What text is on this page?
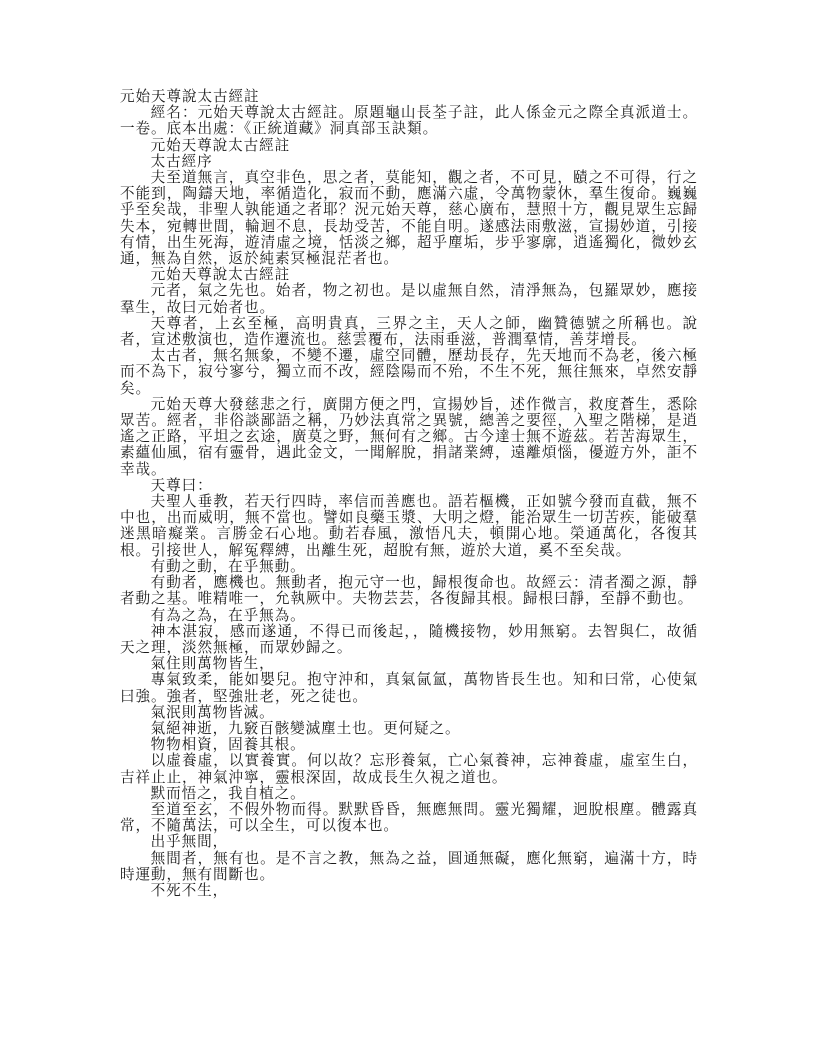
元始天尊說太古經註

經名：元始天尊說太古經註。原題龜山長荃子註，此人係金元之際全真派道士。一卷。底本出處：《正統道藏》洞真部玉訣類。

元始天尊說太古經註

太古經序

夫至道無言，真空非色，思之者，莫能知，觀之者，不可見，賾之不可得，行之不能到，陶鑄天地，率循造化，寂而不動，應滿六虛，令萬物蒙休，羣生復命。巍巍乎至矣哉，非聖人孰能通之者耶？況元始天尊，慈心廣布，慧照十方，觀見眾生忘歸失本，宛轉世間，輪迴不息，長劫受苦，不能自明。遂感法雨敷滋，宣揚妙道，引接有情，出生死海，遊清虛之境，恬淡之鄉，超乎塵垢，步乎寥廓，逍遙獨化，微妙玄通，無為自然，返於純素冥極混茫者也。

元始天尊說太古經註

元者，氣之先也。始者，物之初也。是以虛無自然，清淨無為，包羅眾妙，應接羣生，故曰元始者也。

天尊者，上玄至極，高明貴真，三界之主，天人之師，幽贊德號之所稱也。說者，宣述敷演也，造作遷流也。慈雲覆布，法雨垂滋，普潤羣情，善芽增長。

太古者，無名無象，不變不遷，虛空同體，歷劫長存，先天地而不為老，後六極而不為下，寂兮寥兮，獨立而不改，經陰陽而不殆，不生不死，無往無來，卓然安靜矣。

元始天尊大發慈悲之行，廣開方便之門，宣揚妙旨，述作微言，救度蒼生，悉除眾苦。經者，非俗談鄙語之稱，乃妙法真常之異號，總善之要徑，入聖之階梯，是逍遙之正路，平坦之玄途，廣莫之野，無何有之鄉。古今達士無不遊茲。若苦海眾生，素蘊仙風，宿有靈骨，遇此金文，一聞解脫，捐諸業縛，遠離煩惱，優遊方外，詎不幸哉。

天尊曰：

夫聖人垂教，若天行四時，率信而善應也。語若樞機，正如號今發而直截，無不中也，出而威明，無不當也。譬如良藥玉漿、大明之燈，能治眾生一切苦疾，能破羣迷黑暗癡業。言勝金石心地。動若春風，激悟凡夫，頓開心地。榮通萬化，各復其根。引接世人，解冤釋縛，出離生死，超脫有無，遊於大道，奚不至矣哉。

有動之動，在乎無動。

有動者，應機也。無動者，抱元守一也，歸根復命也。故經云：清者濁之源，靜者動之基。唯精唯一，允執厥中。夫物芸芸，各復歸其根。歸根曰靜，至靜不動也。

有為之為，在乎無為。

神本湛寂，感而遂通，不得已而後起，，隨機接物，妙用無窮。去智與仁，故循天之理，淡然無極，而眾妙歸之。

氣住則萬物皆生，

專氣致柔，能如嬰兒。抱守沖和，真氣氤氳，萬物皆長生也。知和曰常，心使氣曰強。強者，堅強壯老，死之徒也。

氣泯則萬物皆滅。

氣絕神逝，九竅百骸變滅塵土也。更何疑之。

物物相資，固養其根。

以虛養虛，以實養實。何以故？忘形養氣，亡心氣養神，忘神養虛，虛室生白，吉祥止止，神氣沖寧，靈根深固，故成長生久視之道也。

默而悟之，我自植之。

至道至玄，不假外物而得。默默昏昏，無應無問。靈光獨耀，迥脫根塵。體露真常，不隨萬法，可以全生，可以復本也。

出乎無間，

無間者，無有也。是不言之教，無為之益，圓通無礙，應化無窮，遍滿十方，時時運動，無有間斷也。

不死不生，
